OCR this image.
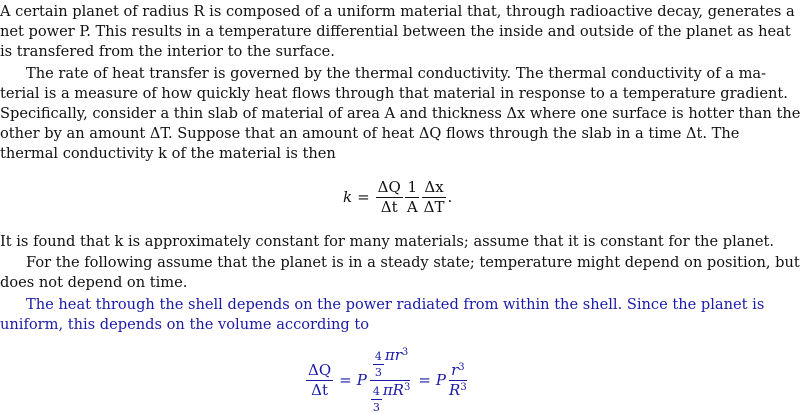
A certain planet of radius R is composed of a uniform material that, through radioactive decay, generates a
net power P. This results in a temperature differential between the inside and outside of the planet as heat
is transfered from the interior to the surface.
The rate of heat transfer is governed by the thermal conductivity. The thermal conductivity of a ma-
terial is a measure of how quickly heat flows through that material in response to a temperature gradient.
Specifically, consider a thin slab of material of area A and thickness Δx where one surface is hotter than the
other by an amount ΔT. Suppose that an amount of heat ΔQ flows through the slab in a time Δt. The
thermal conductivity k of the material is then
$k = \frac{\Delta Q}{\Delta t} \frac{1}{A} \frac{\Delta x}{\Delta T}$ .
It is found that k is approximately constant for many materials; assume that it is constant for the planet.
For the following assume that the planet is in a steady state; temperature might depend on position, but
does not depend on time.
The heat through the shell depends on the power radiated from within the shell. Since the planet is
uniform, this depends on the volume according to
$\frac{\Delta Q}{\Delta t} = P \frac{\frac{4}{3} \pi r^3}{\frac{4}{3} \pi R^3} = P \frac{r^3}{R^3}$
